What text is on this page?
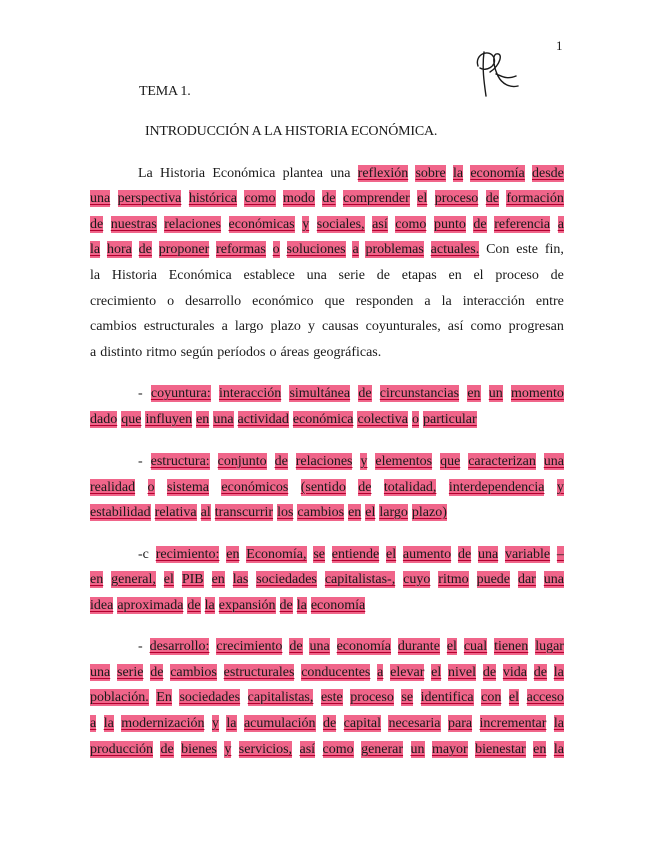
1
TEMA 1.
INTRODUCCIÓN A LA HISTORIA ECONÓMICA.
La Historia Económica plantea una reflexión sobre la economía desde
una perspectiva histórica como modo de comprender el proceso de formación
de nuestras relaciones económicas y sociales, así como punto de referencia a
la hora de proponer reformas o soluciones a problemas actuales. Con este fin,
la Historia Económica establece una serie de etapas en el proceso de
crecimiento o desarrollo económico que responden a la interacción entre
cambios estructurales a largo plazo y causas coyunturales, así como progresan
a distinto ritmo según períodos o áreas geográficas.
- coyuntura: interacción simultánea de circunstancias en un momento
dado que influyen en una actividad económica colectiva o particular
- estructura: conjunto de relaciones y elementos que caracterizan una
realidad o sistema económicos (sentido de totalidad, interdependencia y
estabilidad relativa al transcurrir los cambios en el largo plazo)
-c recimiento: en Economía, se entiende el aumento de una variable –
en general, el PIB en las sociedades capitalistas-, cuyo ritmo puede dar una
idea aproximada de la expansión de la economía
- desarrollo: crecimiento de una economía durante el cual tienen lugar
una serie de cambios estructurales conducentes a elevar el nivel de vida de la
población. En sociedades capitalistas, este proceso se identifica con el acceso
a la modernización y la acumulación de capital necesaria para incrementar la
producción de bienes y servicios, así como generar un mayor bienestar en la
